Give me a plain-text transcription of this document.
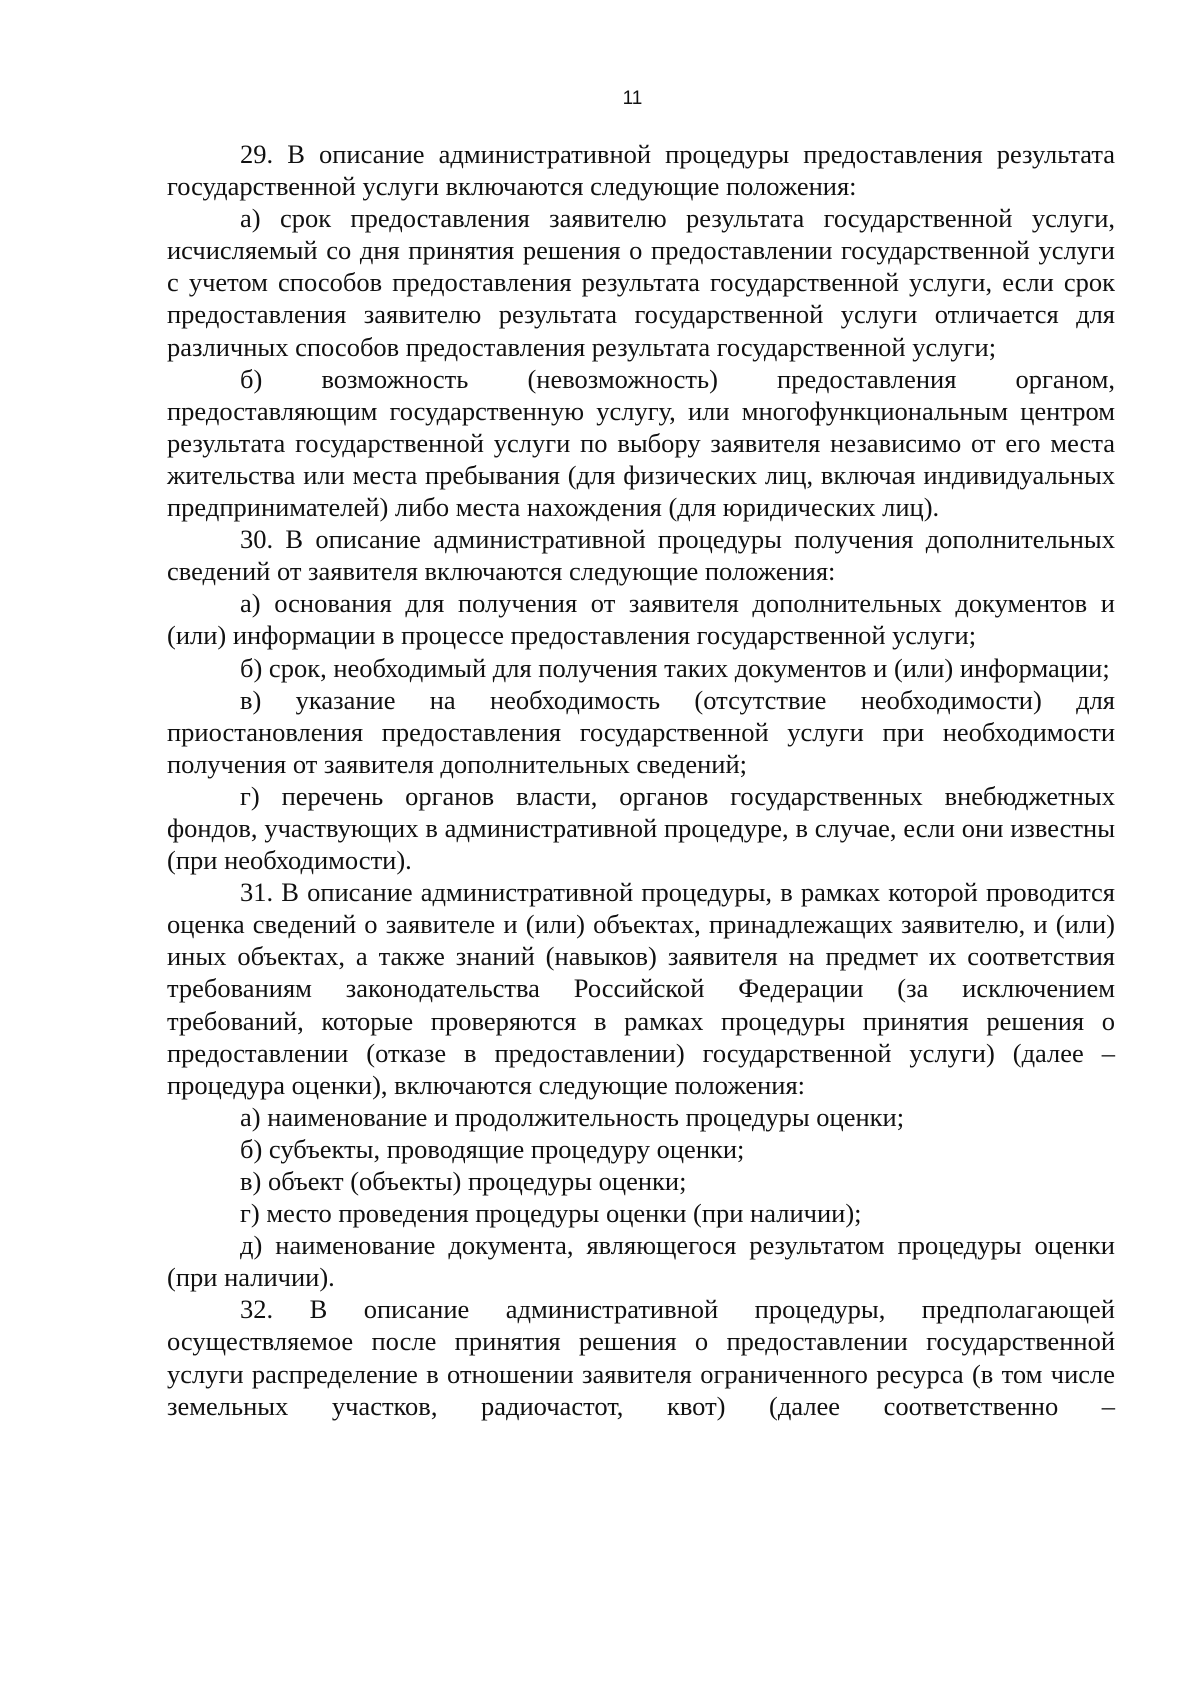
11

29. В описание административной процедуры предоставления результата государственной услуги включаются следующие положения:

а) срок предоставления заявителю результата государственной услуги, исчисляемый со дня принятия решения о предоставлении государственной услуги с учетом способов предоставления результата государственной услуги, если срок предоставления заявителю результата государственной услуги отличается для различных способов предоставления результата государственной услуги;

б) возможность (невозможность) предоставления органом, предоставляющим государственную услугу, или многофункциональным центром результата государственной услуги по выбору заявителя независимо от его места жительства или места пребывания (для физических лиц, включая индивидуальных предпринимателей) либо места нахождения (для юридических лиц).

30. В описание административной процедуры получения дополнительных сведений от заявителя включаются следующие положения:

а) основания для получения от заявителя дополнительных документов и (или) информации в процессе предоставления государственной услуги;

б) срок, необходимый для получения таких документов и (или) информации;

в) указание на необходимость (отсутствие необходимости) для приостановления предоставления государственной услуги при необходимости получения от заявителя дополнительных сведений;

г) перечень органов власти, органов государственных внебюджетных фондов, участвующих в административной процедуре, в случае, если они известны (при необходимости).

31. В описание административной процедуры, в рамках которой проводится оценка сведений о заявителе и (или) объектах, принадлежащих заявителю, и (или) иных объектах, а также знаний (навыков) заявителя на предмет их соответствия требованиям законодательства Российской Федерации (за исключением требований, которые проверяются в рамках процедуры принятия решения о предоставлении (отказе в предоставлении) государственной услуги) (далее – процедура оценки), включаются следующие положения:

а) наименование и продолжительность процедуры оценки;

б) субъекты, проводящие процедуру оценки;

в) объект (объекты) процедуры оценки;

г) место проведения процедуры оценки (при наличии);

д) наименование документа, являющегося результатом процедуры оценки (при наличии).

32. В описание административной процедуры, предполагающей осуществляемое после принятия решения о предоставлении государственной услуги распределение в отношении заявителя ограниченного ресурса (в том числе земельных участков, радиочастот, квот) (далее соответственно –
